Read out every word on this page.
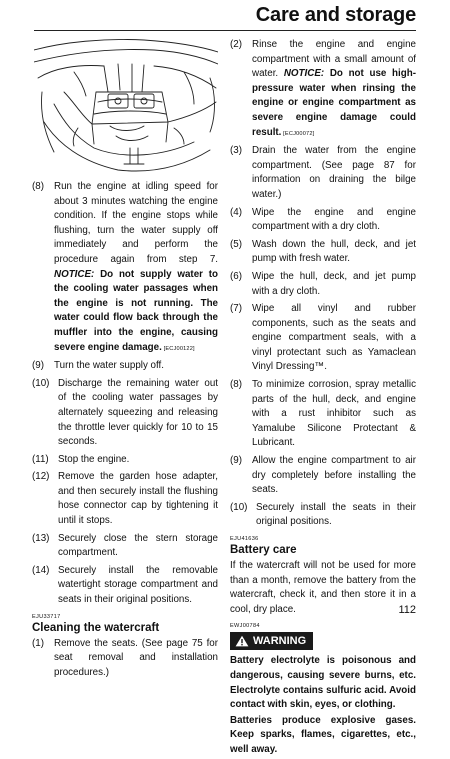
Care and storage
(8)	Run the engine at idling speed for about 3 minutes watching the engine condition. If the engine stops while flushing, turn the water supply off immediately and perform the procedure again from step 7. NOTICE: Do not supply water to the cooling water passages when the engine is not running. The water could flow back through the muffler into the engine, causing severe engine damage. [ECJ00122]
(9)	Turn the water supply off.
(10) Discharge the remaining water out of the cooling water passages by alternately squeezing and releasing the throttle lever quickly for 10 to 15 seconds.
(11) Stop the engine.
(12) Remove the garden hose adapter, and then securely install the flushing hose connector cap by tightening it until it stops.
(13) Securely close the stern storage compartment.
(14) Securely install the removable watertight storage compartment and seats in their original positions.
EJU33717
Cleaning the watercraft
(1)	Remove the seats. (See page 75 for seat removal and installation procedures.)
(2)	Rinse the engine and engine compartment with a small amount of water. NOTICE: Do not use high-pressure water when rinsing the engine or engine compartment as severe engine damage could result. [ECJ00072]
(3)	Drain the water from the engine compartment. (See page 87 for information on draining the bilge water.)
(4)	Wipe the engine and engine compartment with a dry cloth.
(5)	Wash down the hull, deck, and jet pump with fresh water.
(6)	Wipe the hull, deck, and jet pump with a dry cloth.
(7)	Wipe all vinyl and rubber components, such as the seats and engine compartment seals, with a vinyl protectant such as Yamaclean Vinyl Dressing™.
(8)	To minimize corrosion, spray metallic parts of the hull, deck, and engine with a rust inhibitor such as Yamalube Silicone Protectant & Lubricant.
(9)	Allow the engine compartment to air dry completely before installing the seats.
(10) Securely install the seats in their original positions.
EJU41636
Battery care

If the watercraft will not be used for more than a month, remove the battery from the watercraft, check it, and then store it in a cool, dry place.

EWJ00784
WARNING

Battery electrolyte is poisonous and dangerous, causing severe burns, etc. Electrolyte contains sulfuric acid. Avoid contact with skin, eyes, or clothing.

Batteries produce explosive gases. Keep sparks, flames, cigarettes, etc., well away.

112
